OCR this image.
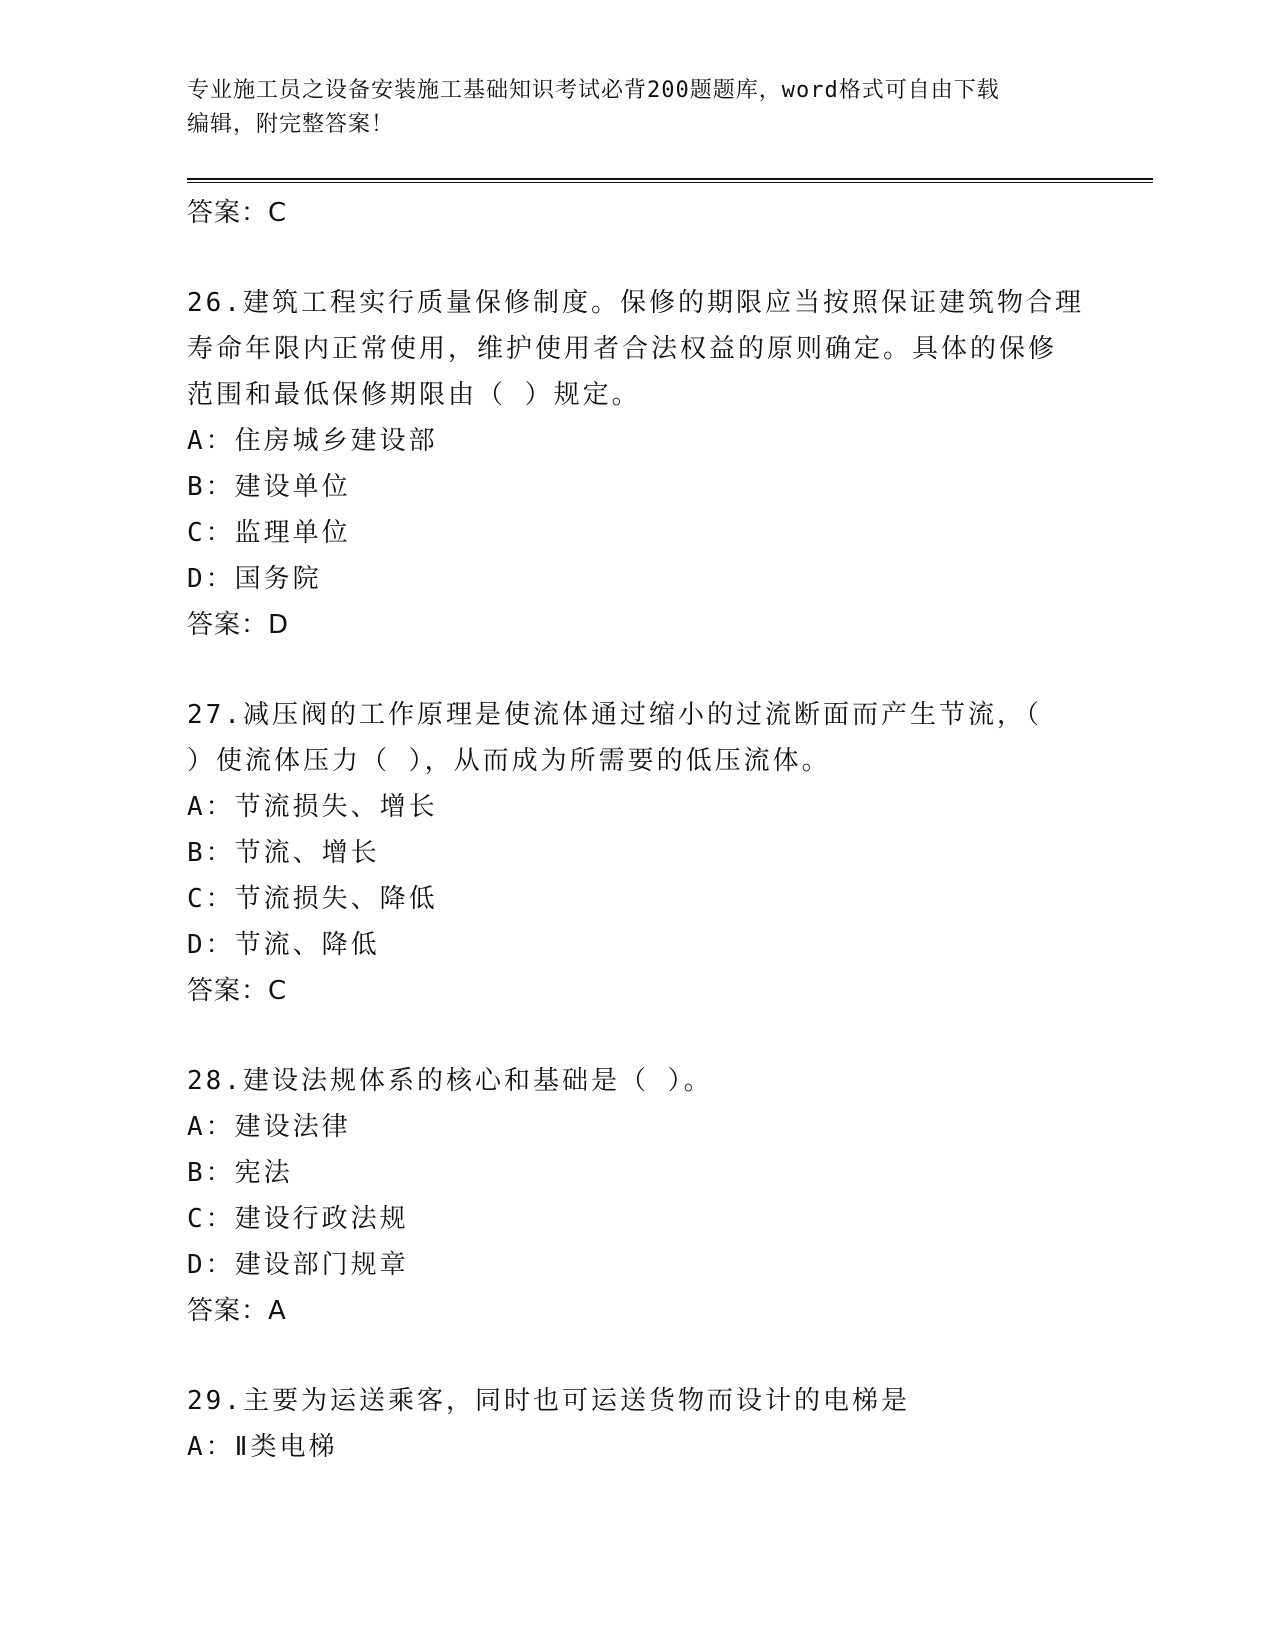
专业施工员之设备安装施工基础知识考试必背200题题库，word格式可自由下载
编辑，附完整答案！
答案：C
26.建筑工程实行质量保修制度。保修的期限应当按照保证建筑物合理
寿命年限内正常使用，维护使用者合法权益的原则确定。具体的保修
范围和最低保修期限由（ ）规定。
A：住房城乡建设部
B：建设单位
C：监理单位
D：国务院
答案：D
27.减压阀的工作原理是使流体通过缩小的过流断面而产生节流，（
）使流体压力（ ），从而成为所需要的低压流体。
A：节流损失、增长
B：节流、增长
C：节流损失、降低
D：节流、降低
答案：C
28.建设法规体系的核心和基础是（ ）。
A：建设法律
B：宪法
C：建设行政法规
D：建设部门规章
答案：A
29.主要为运送乘客，同时也可运送货物而设计的电梯是
A：Ⅱ类电梯
